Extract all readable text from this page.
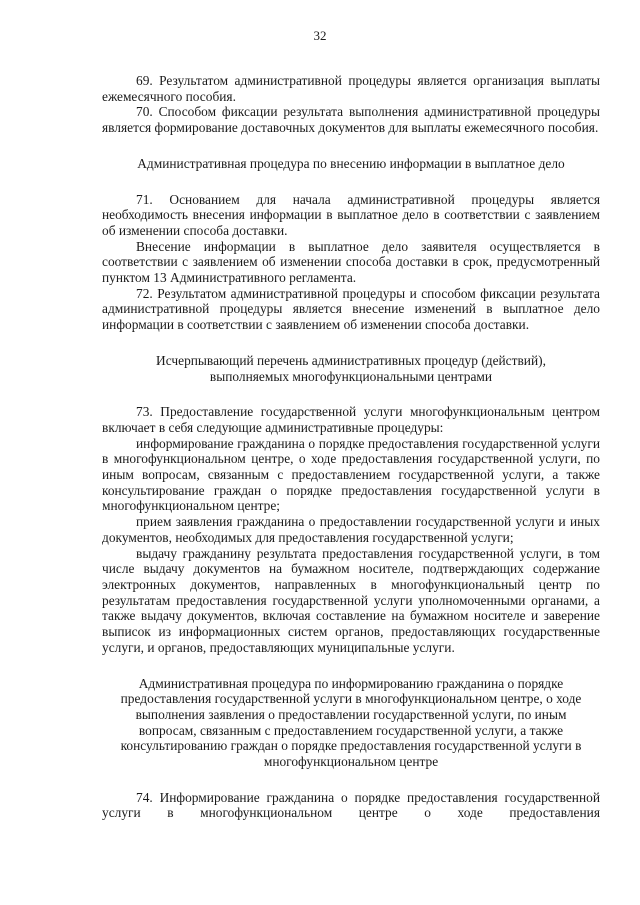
32

69. Результатом административной процедуры является организация выплаты ежемесячного пособия.

70. Способом фиксации результата выполнения административной процедуры является формирование доставочных документов для выплаты ежемесячного пособия.

Административная процедура по внесению информации в выплатное дело

71. Основанием для начала административной процедуры является необходимость внесения информации в выплатное дело в соответствии с заявлением об изменении способа доставки.

Внесение информации в выплатное дело заявителя осуществляется в соответствии с заявлением об изменении способа доставки в срок, предусмотренный пунктом 13 Административного регламента.

72. Результатом административной процедуры и способом фиксации результата административной процедуры является внесение изменений в выплатное дело информации в соответствии с заявлением об изменении способа доставки.

Исчерпывающий перечень административных процедур (действий), выполняемых многофункциональными центрами

73. Предоставление государственной услуги многофункциональным центром включает в себя следующие административные процедуры:

информирование гражданина о порядке предоставления государственной услуги в многофункциональном центре, о ходе предоставления государственной услуги, по иным вопросам, связанным с предоставлением государственной услуги, а также консультирование граждан о порядке предоставления государственной услуги в многофункциональном центре;

прием заявления гражданина о предоставлении государственной услуги и иных документов, необходимых для предоставления государственной услуги;

выдачу гражданину результата предоставления государственной услуги, в том числе выдачу документов на бумажном носителе, подтверждающих содержание электронных документов, направленных в многофункциональный центр по результатам предоставления государственной услуги уполномоченными органами, а также выдачу документов, включая составление на бумажном носителе и заверение выписок из информационных систем органов, предоставляющих государственные услуги, и органов, предоставляющих муниципальные услуги.

Административная процедура по информированию гражданина о порядке предоставления государственной услуги в многофункциональном центре, о ходе выполнения заявления о предоставлении государственной услуги, по иным вопросам, связанным с предоставлением государственной услуги, а также консультированию граждан о порядке предоставления государственной услуги в многофункциональном центре

74. Информирование гражданина о порядке предоставления государственной услуги в многофункциональном центре о ходе предоставления
